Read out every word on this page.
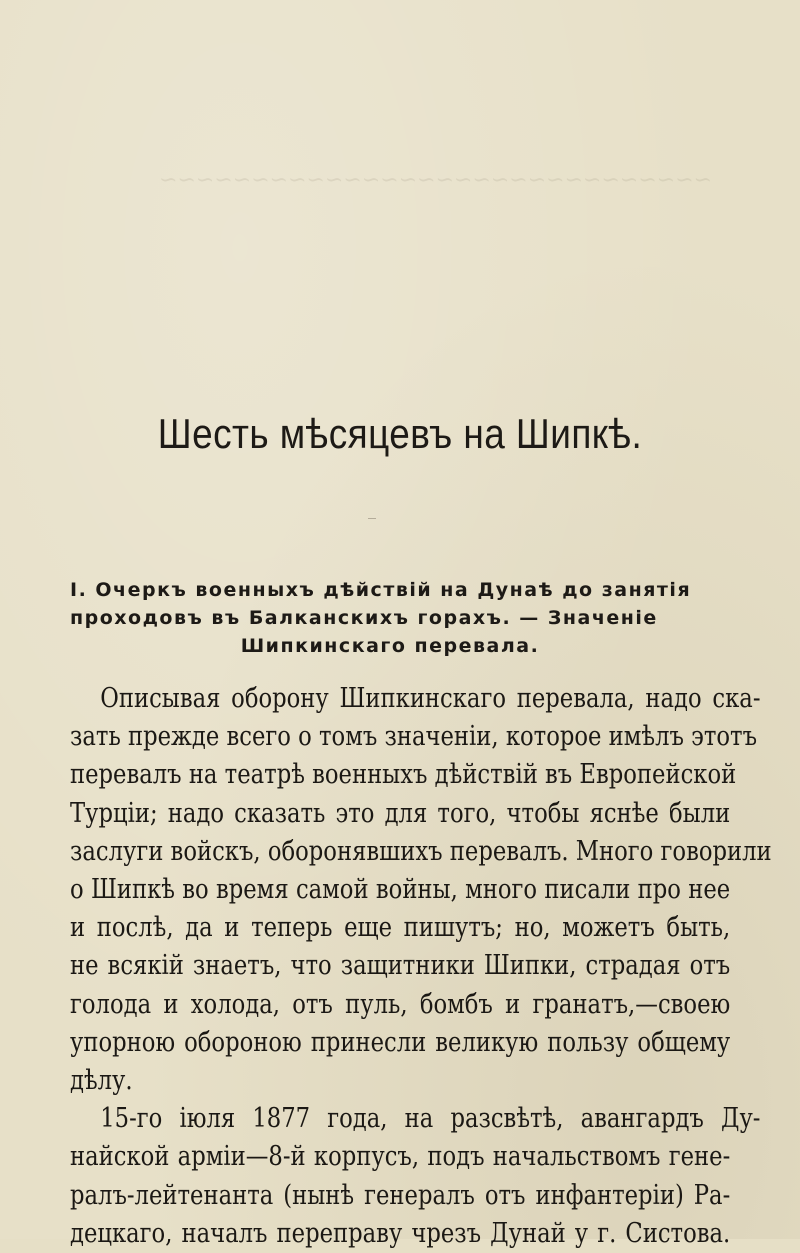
~~~~~~~~~~~~~~~~~~~~~~~~~~~~~~

Шесть мѣсяцевъ на Шипкѣ.
I. Очеркъ военныхъ дѣйствій на Дунаѣ до занятія
проходовъ въ Балканскихъ горахъ. — Значеніе
Шипкинскаго перевала.
Описывая оборону Шипкинскаго перевала, надо ска-
зать прежде всего о томъ значеніи, которое имѣлъ этотъ
перевалъ на театрѣ военныхъ дѣйствій въ Европейской
Турціи; надо сказать это для того, чтобы яснѣе были
заслуги войскъ, оборонявшихъ перевалъ. Много говорили
о Шипкѣ во время самой войны, много писали про нее
и послѣ, да и теперь еще пишутъ; но, можетъ быть,
не всякій знаетъ, что защитники Шипки, страдая отъ
голода и холода, отъ пуль, бомбъ и гранатъ,—своею
упорною обороною принесли великую пользу общему
дѣлу.
15-го іюля 1877 года, на разсвѣтѣ, авангардъ Ду-
найской арміи—8-й корпусъ, подъ начальствомъ гене-
ралъ-лейтенанта (нынѣ генералъ отъ инфантеріи) Ра-
децкаго, началъ переправу чрезъ Дунай у г. Систова.
